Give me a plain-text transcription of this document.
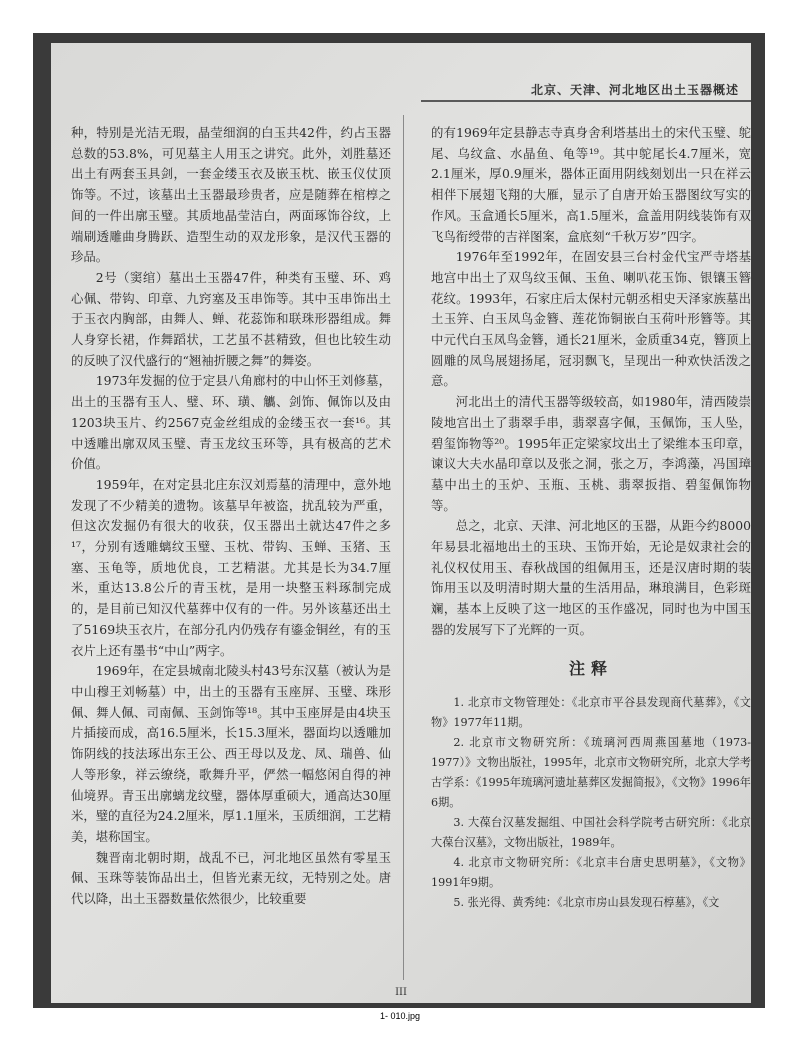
北京、天津、河北地区出土玉器概述

种，特别是光洁无瑕，晶莹细润的白玉共42件，约占玉器总数的53.8%，可见墓主人用玉之讲究。此外，刘胜墓还出土有两套玉具剑，一套金缕玉衣及嵌玉枕、嵌玉仪仗顶饰等。不过，该墓出土玉器最珍贵者，应是随葬在棺椁之间的一件出廓玉璧。其质地晶莹洁白，两面琢饰谷纹，上端刷透雕曲身腾跃、造型生动的双龙形象，是汉代玉器的珍品。

2号（窦绾）墓出土玉器47件，种类有玉璧、环、鸡心佩、带钩、印章、九窍塞及玉串饰等。其中玉串饰出土于玉衣内胸部，由舞人、蝉、花蕊饰和联珠形器组成。舞人身穿长裙，作舞蹈状，工艺虽不甚精致，但也比较生动的反映了汉代盛行的“翘袖折腰之舞”的舞姿。

1973年发掘的位于定县八角廊村的中山怀王刘修墓，出土的玉器有玉人、璧、环、璜、觿、剑饰、佩饰以及由1203块玉片、约2567克金丝组成的金缕玉衣一套¹⁶。其中透雕出廓双凤玉璧、青玉龙纹玉环等，具有极高的艺术价值。

1959年，在对定县北庄东汉刘焉墓的清理中，意外地发现了不少精美的遗物。该墓早年被盗，扰乱较为严重，但这次发掘仍有很大的收获，仅玉器出土就达47件之多¹⁷，分别有透雕螭纹玉璧、玉枕、带钩、玉蝉、玉猪、玉塞、玉龟等，质地优良，工艺精湛。尤其是长为34.7厘米，重达13.8公斤的青玉枕，是用一块整玉料琢制完成的，是目前已知汉代墓葬中仅有的一件。另外该墓还出土了5169块玉衣片，在部分孔内仍残存有鎏金铜丝，有的玉衣片上还有墨书“中山”两字。

1969年，在定县城南北陵头村43号东汉墓（被认为是中山穆王刘畅墓）中，出土的玉器有玉座屏、玉璧、珠形佩、舞人佩、司南佩、玉剑饰等¹⁸。其中玉座屏是由4块玉片插接而成，高16.5厘米，长15.3厘米，器面均以透雕加饰阴线的技法琢出东王公、西王母以及龙、凤、瑞兽、仙人等形象，祥云缭绕，歌舞升平，俨然一幅悠闲自得的神仙境界。青玉出廓螭龙纹璧，器体厚重硕大，通高达30厘米，璧的直径为24.2厘米，厚1.1厘米，玉质细润，工艺精美，堪称国宝。

魏晋南北朝时期，战乱不已，河北地区虽然有零星玉佩、玉珠等装饰品出土，但皆光素无纹，无特别之处。唐代以降，出土玉器数量依然很少，比较重要

的有1969年定县静志寺真身舍利塔基出土的宋代玉璧、鸵尾、乌纹盒、水晶鱼、龟等¹⁹。其中鸵尾长4.7厘米，宽2.1厘米，厚0.9厘米，器体正面用阴线刻划出一只在祥云相伴下展翅飞翔的大雁，显示了自唐开始玉器图纹写实的作风。玉盒通长5厘米，高1.5厘米，盒盖用阴线装饰有双飞鸟衔绶带的吉祥图案，盒底刻“千秋万岁”四字。

1976年至1992年，在固安县三台村金代宝严寺塔基地宫中出土了双鸟纹玉佩、玉鱼、喇叭花玉饰、银镶玉簪花纹。1993年，石家庄后太保村元朝丞相史天泽家族墓出土玉笄、白玉凤鸟金簪、莲花饰铜嵌白玉荷叶形簪等。其中元代白玉凤鸟金簪，通长21厘米，金质重34克，簪顶上圆雕的凤鸟展翅扬尾，冠羽飘飞，呈现出一种欢快活泼之意。

河北出土的清代玉器等级较高，如1980年，清西陵崇陵地宫出土了翡翠手串，翡翠喜字佩，玉佩饰，玉人坠，碧玺饰物等²⁰。1995年正定梁家坟出土了梁维本玉印章，谏议大夫水晶印章以及张之洞，张之万，李鸿藻，冯国璋墓中出土的玉炉、玉瓶、玉桃、翡翠扳指、碧玺佩饰物等。

总之，北京、天津、河北地区的玉器，从距今约8000年易县北福地出土的玉玦、玉饰开始，无论是奴隶社会的礼仪权仗用玉、春秋战国的组佩用玉，还是汉唐时期的装饰用玉以及明清时期大量的生活用品，琳琅满目，色彩斑斓，基本上反映了这一地区的玉作盛况，同时也为中国玉器的发展写下了光辉的一页。

注释

1. 北京市文物管理处：《北京市平谷县发现商代墓葬》，《文物》1977年11期。

2. 北京市文物研究所：《琉璃河西周燕国墓地（1973-1977）》文物出版社，1995年，北京市文物研究所，北京大学考古学系：《1995年琉璃河遗址墓葬区发掘简报》，《文物》1996年6期。

3. 大葆台汉墓发掘组、中国社会科学院考古研究所：《北京大葆台汉墓》，文物出版社，1989年。

4. 北京市文物研究所：《北京丰台唐史思明墓》，《文物》1991年9期。

5. 张光得、黄秀纯：《北京市房山县发现石椁墓》，《文

III
1- 010.jpg
